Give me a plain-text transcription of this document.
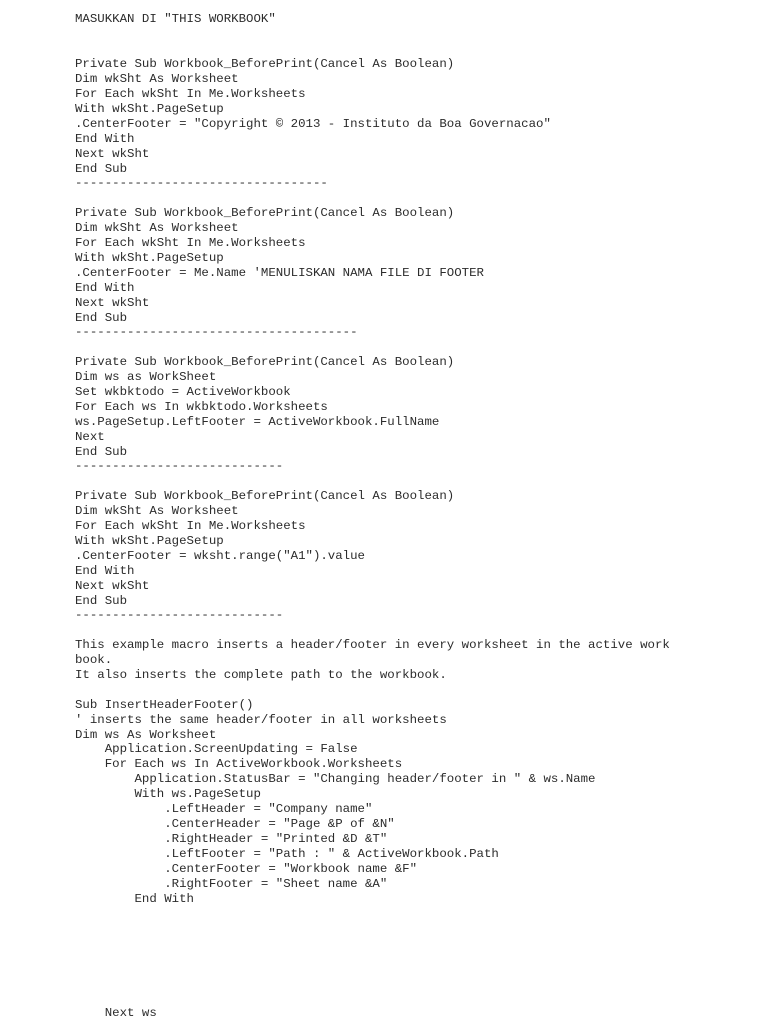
MASUKKAN DI "THIS WORKBOOK"
Private Sub Workbook_BeforePrint(Cancel As Boolean)
Dim wkSht As Worksheet
For Each wkSht In Me.Worksheets
With wkSht.PageSetup
.CenterFooter = "Copyright © 2013 - Instituto da Boa Governacao"
End With
Next wkSht
End Sub
----------------------------------
Private Sub Workbook_BeforePrint(Cancel As Boolean)
Dim wkSht As Worksheet
For Each wkSht In Me.Worksheets
With wkSht.PageSetup
.CenterFooter = Me.Name 'MENULISKAN NAMA FILE DI FOOTER
End With
Next wkSht
End Sub
--------------------------------------
Private Sub Workbook_BeforePrint(Cancel As Boolean)
Dim ws as WorkSheet
Set wkbktodo = ActiveWorkbook
For Each ws In wkbktodo.Worksheets
ws.PageSetup.LeftFooter = ActiveWorkbook.FullName
Next
End Sub
----------------------------
Private Sub Workbook_BeforePrint(Cancel As Boolean)
Dim wkSht As Worksheet
For Each wkSht In Me.Worksheets
With wkSht.PageSetup
.CenterFooter = wksht.range("A1").value
End With
Next wkSht
End Sub
----------------------------
This example macro inserts a header/footer in every worksheet in the active work
book.
It also inserts the complete path to the workbook.
Sub InsertHeaderFooter()
' inserts the same header/footer in all worksheets
Dim ws As Worksheet
Application.ScreenUpdating = False
For Each ws In ActiveWorkbook.Worksheets
Application.StatusBar = "Changing header/footer in " & ws.Name
With ws.PageSetup
.LeftHeader = "Company name"
.CenterHeader = "Page &P of &N"
.RightHeader = "Printed &D &T"
.LeftFooter = "Path : " & ActiveWorkbook.Path
.CenterFooter = "Workbook name &F"
.RightFooter = "Sheet name &A"
End With
Next ws
